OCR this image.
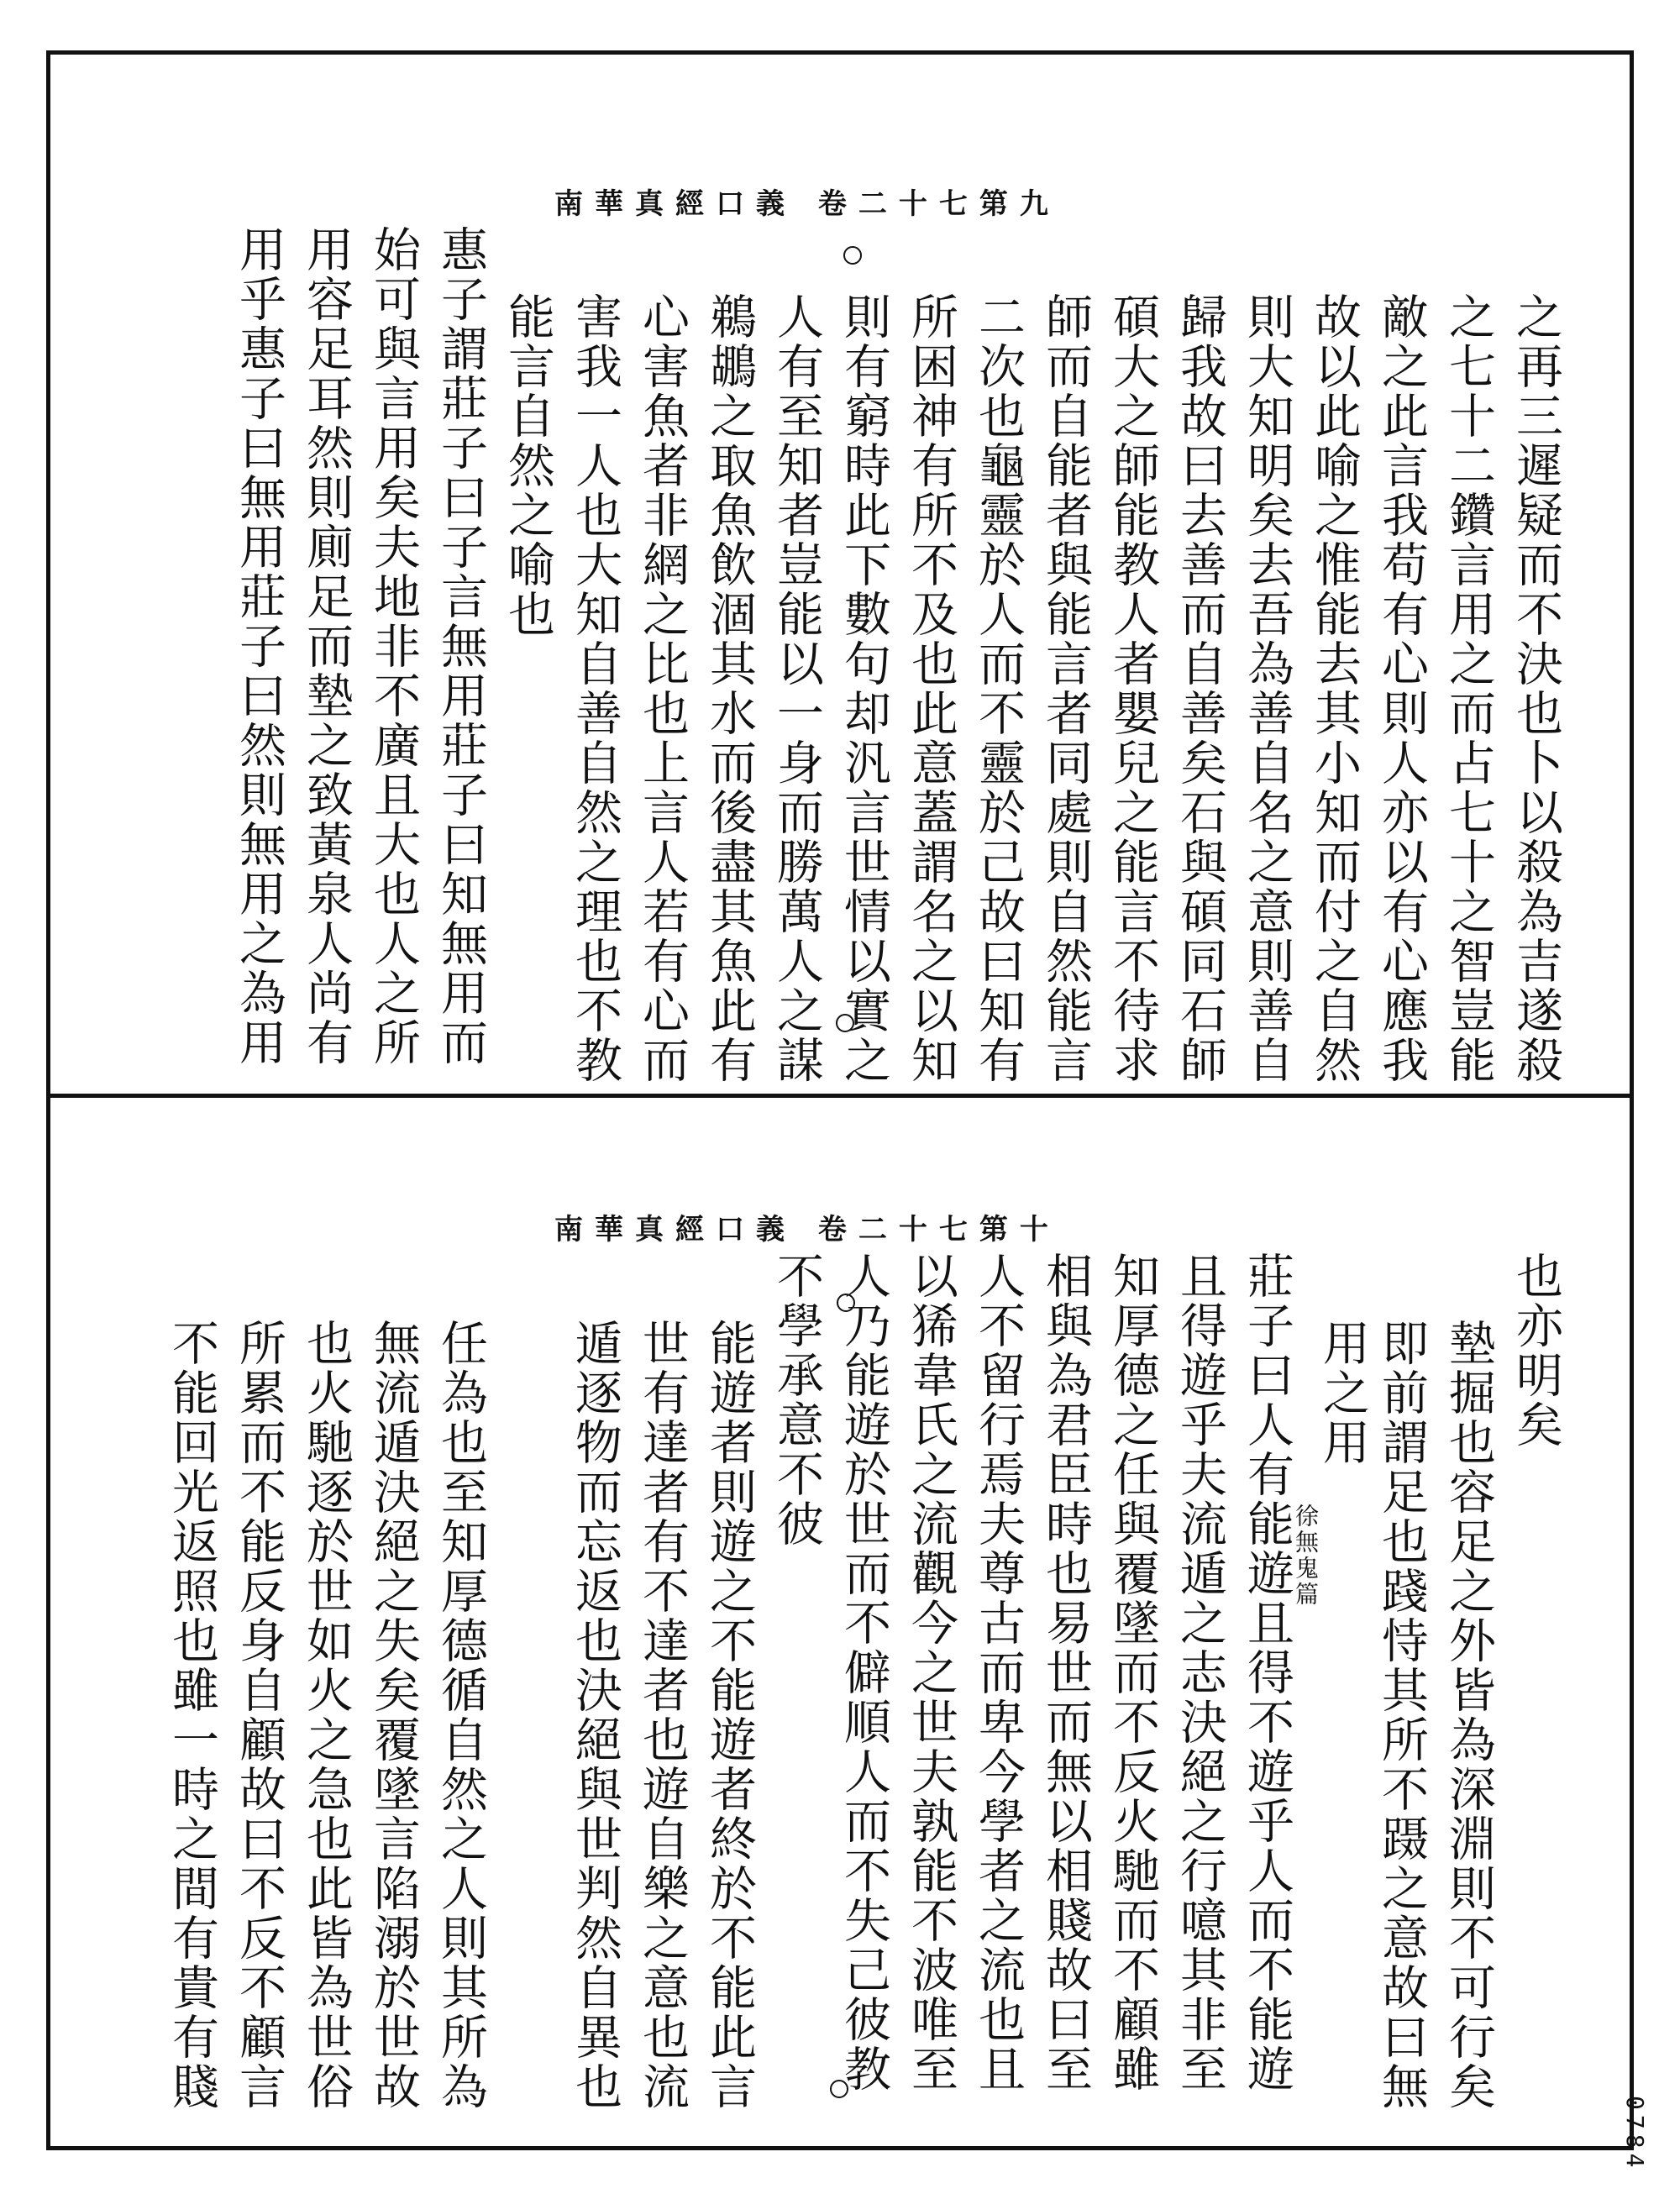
南華真經口義 卷二十七第九
之再三遲疑而不決也卜以殺為吉遂殺
之七十二鑽言用之而占七十之智豈能
敵之此言我苟有心則人亦以有心應我
故以此喻之惟能去其小知而付之自然
則大知明矣去吾為善自名之意則善自
歸我故曰去善而自善矣石與碩同石師
碩大之師能教人者嬰兒之能言不待求
師而自能者與能言者同處則自然能言
二次也龜靈於人而不靈於己故曰知有
所困神有所不及也此意蓋謂名之以知
則有窮時此下數句却汎言世情以實之
人有至知者豈能以一身而勝萬人之謀
鵜鶘之取魚飲涸其水而後盡其魚此有
心害魚者非網之比也上言人若有心而
害我一人也大知自善自然之理也不教
能言自然之喻也
惠子謂莊子曰子言無用莊子曰知無用而
始可與言用矣夫地非不廣且大也人之所
用容足耳然則廁足而墊之致黃泉人尚有
用乎惠子曰無用莊子曰然則無用之為用
南華真經口義 卷二十七第十
也亦明矣
墊掘也容足之外皆為深淵則不可行矣
即前謂足也踐恃其所不蹑之意故曰無
用之用
徐無鬼篇
莊子曰人有能遊且得不遊乎人而不能遊
且得遊乎夫流遁之志決絕之行噫其非至
知厚德之任與覆墜而不反火馳而不顧雖
相與為君臣時也易世而無以相賤故曰至
人不留行焉夫尊古而卑今學者之流也且
以狶韋氏之流觀今之世夫孰能不波唯至
人乃能遊於世而不僻順人而不失己彼教
不學承意不彼
能遊者則遊之不能遊者終於不能此言
世有達者有不達者也遊自樂之意也流
遁逐物而忘返也決絕與世判然自異也
任為也至知厚德循自然之人則其所為
無流遁決絕之失矣覆墜言陷溺於世故
也火馳逐於世如火之急也此皆為世俗
所累而不能反身自顧故曰不反不顧言
不能回光返照也雖一時之間有貴有賤
0784
